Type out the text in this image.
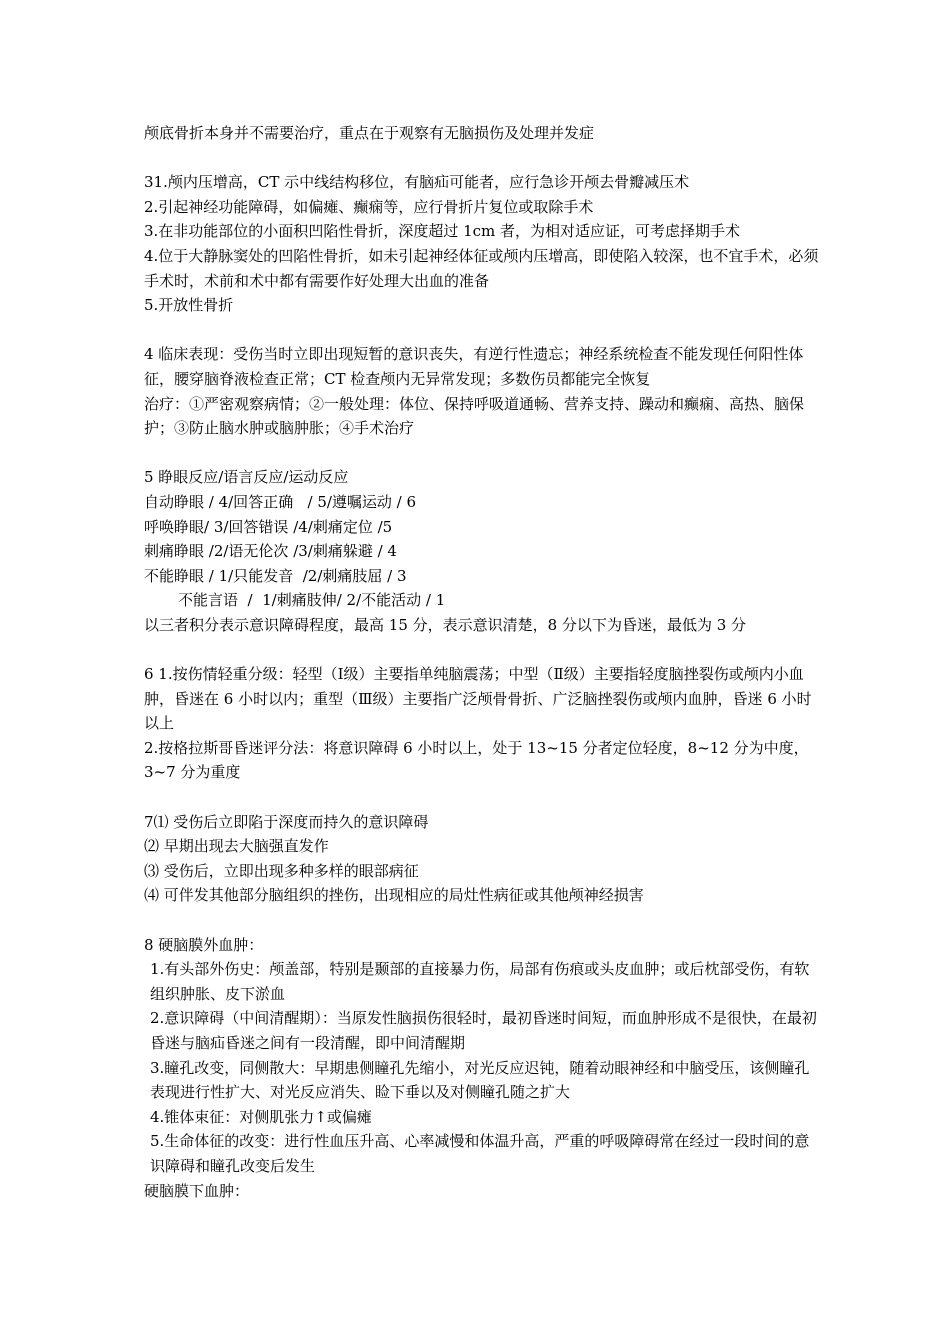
颅底骨折本身并不需要治疗，重点在于观察有无脑损伤及处理并发症
31.颅内压增高，CT 示中线结构移位，有脑疝可能者，应行急诊开颅去骨瓣减压术
2.引起神经功能障碍，如偏瘫、癫痫等，应行骨折片复位或取除手术
3.在非功能部位的小面积凹陷性骨折，深度超过 1cm 者，为相对适应证，可考虑择期手术
4.位于大静脉窦处的凹陷性骨折，如未引起神经体征或颅内压增高，即使陷入较深，也不宜手术，必须手术时，术前和术中都有需要作好处理大出血的准备
5.开放性骨折
4 临床表现：受伤当时立即出现短暂的意识丧失，有逆行性遗忘；神经系统检查不能发现任何阳性体征，腰穿脑脊液检查正常；CT 检查颅内无异常发现；多数伤员都能完全恢复
治疗：①严密观察病情；②一般处理：体位、保持呼吸道通畅、营养支持、躁动和癫痫、高热、脑保护；③防止脑水肿或脑肿胀；④手术治疗
5 睁眼反应/语言反应/运动反应
自动睁眼 / 4/回答正确   / 5/遵嘱运动 / 6
呼唤睁眼/ 3/回答错误 /4/刺痛定位 /5
刺痛睁眼 /2/语无伦次 /3/刺痛躲避 / 4
不能睁眼 / 1/只能发音  /2/刺痛肢屈 / 3
不能言语  /  1/刺痛肢伸/ 2/不能活动 / 1
以三者积分表示意识障碍程度，最高 15 分，表示意识清楚，8 分以下为昏迷，最低为 3 分
6 1.按伤情轻重分级：轻型（Ⅰ级）主要指单纯脑震荡；中型（Ⅱ级）主要指轻度脑挫裂伤或颅内小血肿，昏迷在 6 小时以内；重型（Ⅲ级）主要指广泛颅骨骨折、广泛脑挫裂伤或颅内血肿，昏迷 6 小时以上
2.按格拉斯哥昏迷评分法：将意识障碍 6 小时以上，处于 13~15 分者定位轻度，8~12 分为中度，3~7 分为重度
7⑴ 受伤后立即陷于深度而持久的意识障碍
⑵ 早期出现去大脑强直发作
⑶ 受伤后，立即出现多种多样的眼部病征
⑷ 可伴发其他部分脑组织的挫伤，出现相应的局灶性病征或其他颅神经损害
8 硬脑膜外血肿：
1.有头部外伤史：颅盖部，特别是颞部的直接暴力伤，局部有伤痕或头皮血肿；或后枕部受伤，有软组织肿胀、皮下淤血
2.意识障碍（中间清醒期）：当原发性脑损伤很轻时，最初昏迷时间短，而血肿形成不是很快，在最初昏迷与脑疝昏迷之间有一段清醒，即中间清醒期
3.瞳孔改变，同侧散大：早期患侧瞳孔先缩小，对光反应迟钝，随着动眼神经和中脑受压，该侧瞳孔表现进行性扩大、对光反应消失、睑下垂以及对侧瞳孔随之扩大
4.锥体束征：对侧肌张力↑或偏瘫
5.生命体征的改变：进行性血压升高、心率减慢和体温升高，严重的呼吸障碍常在经过一段时间的意识障碍和瞳孔改变后发生
硬脑膜下血肿：
